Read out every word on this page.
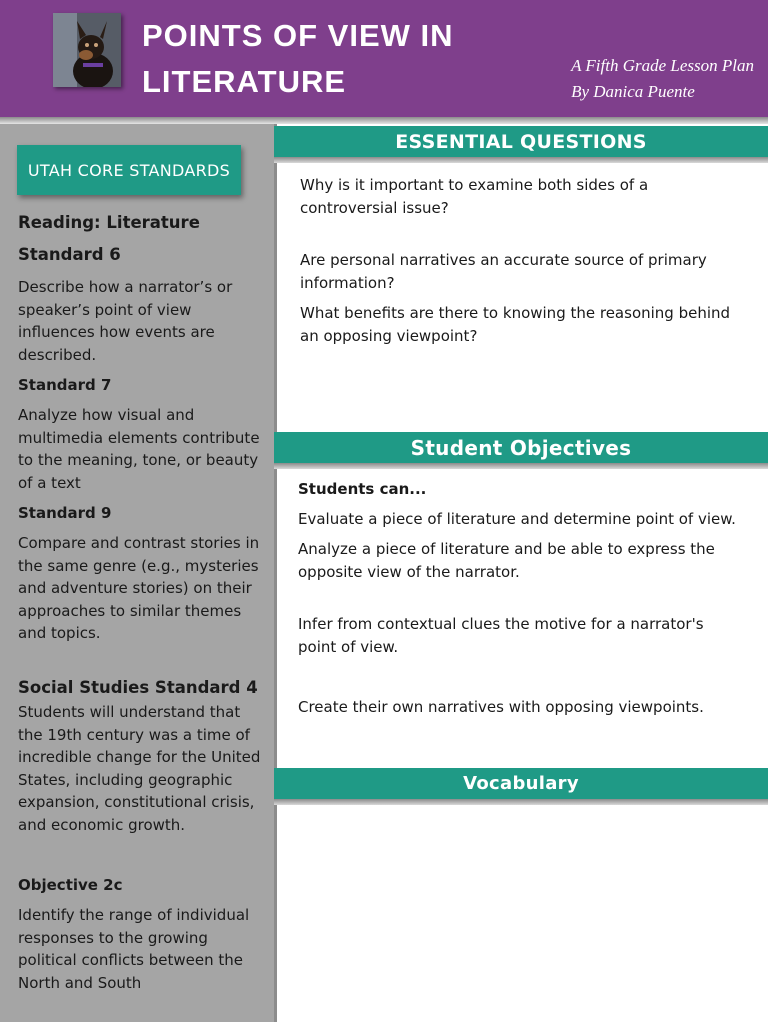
POINTS OF VIEW IN
LITERATURE	A Fifth Grade Lesson Plan
By Danica Puente
UTAH CORE STANDARDS
Reading: Literature
Standard 6
Describe how a narrator’s or speaker’s point of view influences how events are described.
Standard 7
Analyze how visual and multimedia elements contribute to the meaning, tone, or beauty of a text
Standard 9
Compare and contrast stories in the same genre (e.g., mysteries and adventure stories) on their approaches to similar themes and topics.
Social Studies Standard 4
Students will understand that the 19th century was a time of incredible change for the United States, including geographic expansion, constitutional crisis, and economic growth.
Objective 2c
Identify the range of individual responses to the growing political conflicts between the North and South
ESSENTIAL QUESTIONS
Why is it important to examine both sides of a controversial issue?
Are personal narratives an accurate source of primary information?
What benefits are there to knowing the reasoning behind an opposing viewpoint?
Student Objectives
Students can...
Evaluate a piece of literature and determine point of view.
Analyze a piece of literature and be able to express the opposite view of the narrator.
Infer from contextual clues the motive for a narrator's point of view.
Create their own narratives with opposing viewpoints.
Vocabulary
